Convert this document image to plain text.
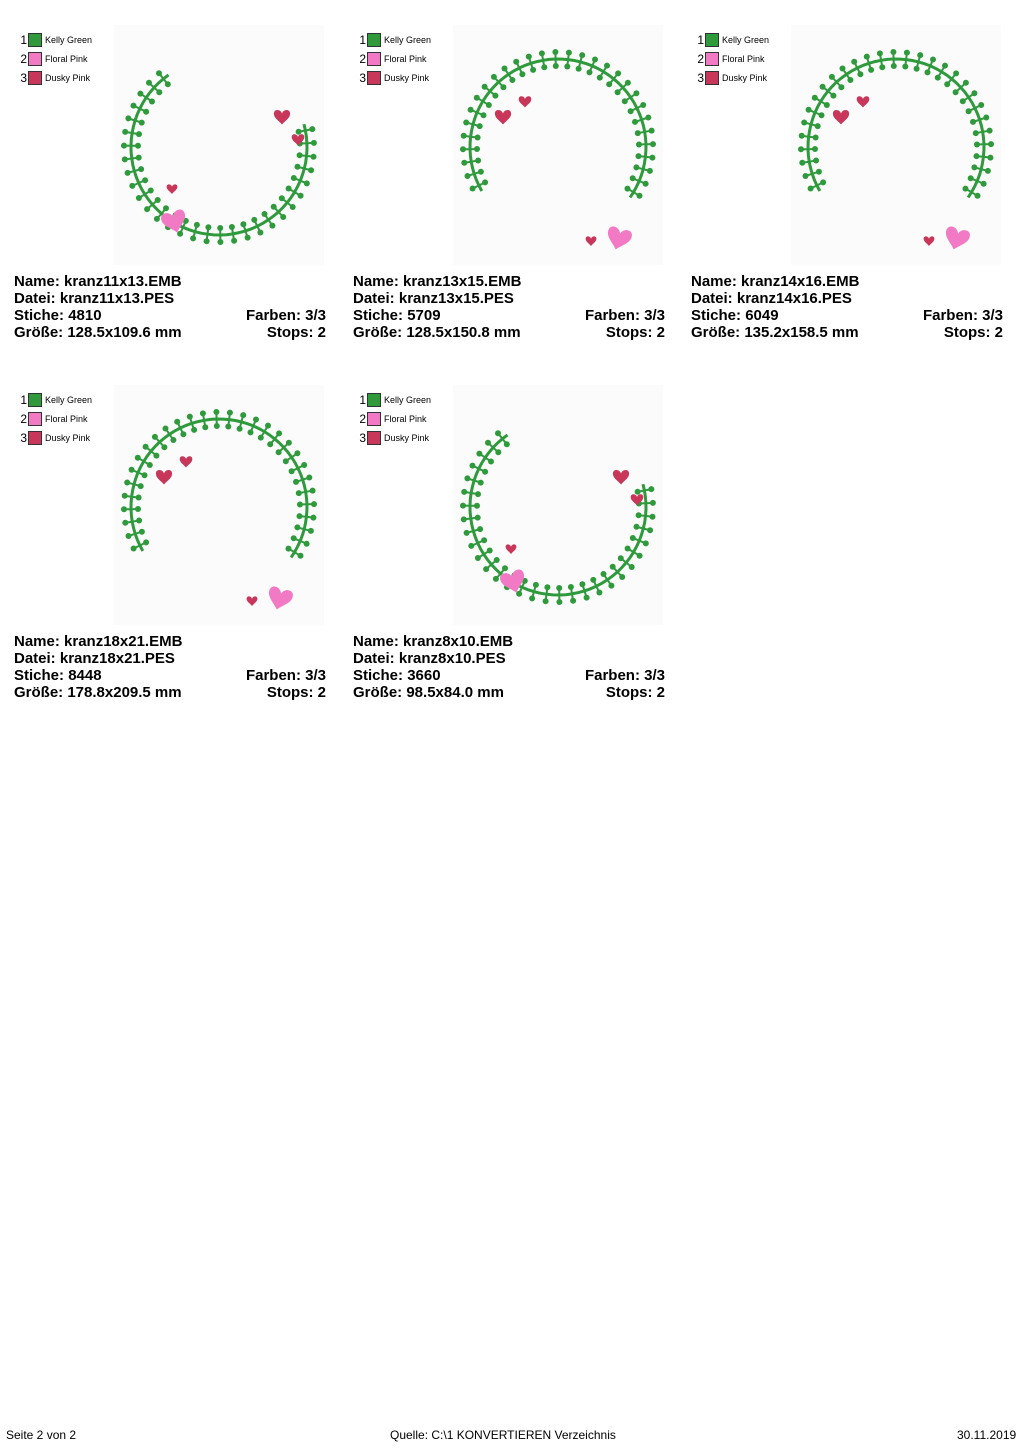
1 Kelly Green
2 Floral Pink
3 Dusky Pink
Name: kranz11x13.EMB
Datei: kranz11x13.PES
Stiche: 4810	Farben: 3/3
Größe: 128.5x109.6 mm	Stops: 2
1 Kelly Green
2 Floral Pink
3 Dusky Pink
Name: kranz13x15.EMB
Datei: kranz13x15.PES
Stiche: 5709	Farben: 3/3
Größe: 128.5x150.8 mm	Stops: 2
1 Kelly Green
2 Floral Pink
3 Dusky Pink
Name: kranz14x16.EMB
Datei: kranz14x16.PES
Stiche: 6049	Farben: 3/3
Größe: 135.2x158.5 mm	Stops: 2
1 Kelly Green
2 Floral Pink
3 Dusky Pink
Name: kranz18x21.EMB
Datei: kranz18x21.PES
Stiche: 8448	Farben: 3/3
Größe: 178.8x209.5 mm	Stops: 2
1 Kelly Green
2 Floral Pink
3 Dusky Pink
Name: kranz8x10.EMB
Datei: kranz8x10.PES
Stiche: 3660	Farben: 3/3
Größe: 98.5x84.0 mm	Stops: 2
Seite 2 von 2	Quelle: C:\1 KONVERTIEREN Verzeichnis	30.11.2019
